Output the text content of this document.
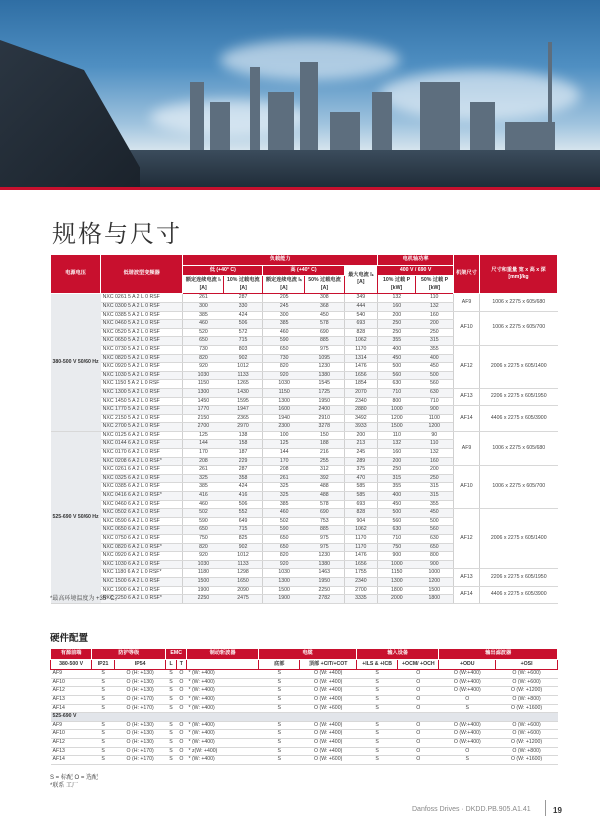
规格与尺寸
电源电压	低谐波型变频器	负载能力					电机轴功率		机架尺寸	尺寸和重量 宽 x 高 x 深 [mm]/kg
		低 (+40° C)		高 (+40° C)		最大电流 Iₛ [A]	400 V / 690 V			
		额定连续电流 Iₗ [A]	10% 过载电流 [A]	额定连续电流 Iₕ [A]	50% 过载电流 [A]		10% 过载 P [kW]	50% 过载 P [kW]		
380-500 V 50/60 Hz	NXC 0261 5 A 2 L 0 RSF	261	287	205	308	349	132	110	AF9	1006 x 2275 x 605/680
	NXC 0300 5 A 2 L 0 RSF	300	330	245	368	444	160	132		
	NXC 0385 5 A 2 L 0 RSF	385	424	300	450	540	200	160	AF10	1006 x 2275 x 605/700
	NXC 0460 5 A 2 L 0 RSF	460	506	385	578	693	250	200		
	NXC 0520 5 A 2 L 0 RSF	520	572	460	690	828	250	250		
	NXC 0650 5 A 2 L 0 RSF	650	715	590	885	1062	355	315		
	NXC 0730 5 A 2 L 0 RSF	730	803	650	975	1170	400	355	AF12	2006 x 2275 x 605/1400
	NXC 0820 5 A 2 L 0 RSF	820	902	730	1095	1314	450	400		
	NXC 0920 5 A 2 L 0 RSF	920	1012	820	1230	1476	500	450		
	NXC 1030 5 A 2 L 0 RSF	1030	1133	920	1380	1656	560	500		
	NXC 1150 5 A 2 L 0 RSF	1150	1265	1030	1545	1854	630	560		
	NXC 1300 5 A 2 L 0 RSF	1300	1430	1150	1725	2070	710	630	AF13	2206 x 2275 x 605/1950
	NXC 1450 5 A 2 L 0 RSF	1450	1595	1300	1950	2340	800	710		
	NXC 1770 5 A 2 L 0 RSF	1770	1947	1600	2400	2880	1000	900	AF14	4406 x 2275 x 605/3900
	NXC 2150 5 A 2 L 0 RSF	2150	2365	1940	2910	3492	1200	1100		
	NXC 2700 5 A 2 L 0 RSF	2700	2970	2300	3278	3933	1500	1200		
525-690 V 50/60 Hz	NXC 0125 6 A 2 L 0 RSF	125	138	100	150	200	110	90	AF9	1006 x 2275 x 605/680
	NXC 0144 6 A 2 L 0 RSF	144	158	125	188	213	132	110		
	NXC 0170 6 A 2 L 0 RSF	170	187	144	216	245	160	132		
	NXC 0208 6 A 2 L 0 RSF*	208	229	170	255	289	200	160		
	NXC 0261 6 A 2 L 0 RSF	261	287	208	312	375	250	200	AF10	1006 x 2275 x 605/700
	NXC 0325 6 A 2 L 0 RSF	325	358	261	392	470	315	250		
	NXC 0385 6 A 2 L 0 RSF	385	424	325	488	585	355	315		
	NXC 0416 6 A 2 L 0 RSF*	416	416	325	488	585	400	315		
	NXC 0460 6 A 2 L 0 RSF	460	506	385	578	693	450	355		
	NXC 0502 6 A 2 L 0 RSF	502	552	460	690	828	500	450	AF12	2006 x 2275 x 605/1400
	NXC 0590 6 A 2 L 0 RSF	590	649	502	753	904	560	500		
	NXC 0650 6 A 2 L 0 RSF	650	715	590	885	1062	630	560		
	NXC 0750 6 A 2 L 0 RSF	750	825	650	975	1170	710	630		
	NXC 0820 6 A 2 L 0 RSF*	820	902	650	975	1170	750	650		
	NXC 0920 6 A 2 L 0 RSF	920	1012	820	1230	1476	900	800		
	NXC 1030 6 A 2 L 0 RSF	1030	1133	920	1380	1656	1000	900		
	NXC 1180 6 A 2 L 0 RSF*	1180	1298	1030	1463	1755	1150	1000	AF13	2206 x 2275 x 605/1950
	NXC 1500 6 A 2 L 0 RSF	1500	1650	1300	1950	2340	1300	1200		
	NXC 1900 6 A 2 L 0 RSF	1900	2090	1500	2250	2700	1800	1500	AF14	4406 x 2275 x 605/3900
	NXC 2250 6 A 2 L 0 RSF*	2250	2475	1900	2782	3335	2000	1800		
*最高环境温度为 +35° C。
硬件配置
有源前端	防护等级		EMC		制动斩波器	电缆		输入设备		输出滤波器	
380-500 V	IP21	IP54	L	T		底部	顶部 +CIT/+COT	+ILS & +ICB	+OCM/ +OCH	+ODU	+OSI
AF9	S	O (H: +130)	S	O	* (W: +400)	S	O (W: +400)	S	O	O (W:+400)	O (W: +600)
AF10	S	O (H: +130)	S	O	* (W: +400)	S	O (W: +400)	S	O	O (W:+400)	O (W: +600)
AF12	S	O (H: +130)	S	O	* (W: +400)	S	O (W: +400)	S	O	O (W:+400)	O (W: +1200)
AF13	S	O (H: +170)	S	O	* (W: +400)	S	O (W: +400)	S	O	O	O (W: +800)
AF14	S	O (H: +170)	S	O	* (W: +400)	S	O (W: +600)	S	O	S	O (W: +1600)
525-690 V											
AF9	S	O (H: +130)	S	O	* (W: +400)	S	O (W: +400)	S	O	O (W:+400)	O (W: +600)
AF10	S	O (H: +130)	S	O	* (W: +400)	S	O (W: +400)	S	O	O (W:+400)	O (W: +600)
AF12	S	O (H: +130)	S	O	* (W: +400)	S	O (W: +400)	S	O	O (W:+400)	O (W: +1200)
AF13	S	O (H: +170)	S	O	* z(W: +400)	S	O (W: +400)	S	O	O	O (W: +800)
AF14	S	O (H: +170)	S	O	* (W: +400)	S	O (W: +600)	S	O	S	O (W: +1600)
S = 标配 O = 选配
*联系 工厂
Danfoss Drives · DKDD.PB.905.A1.41	19
